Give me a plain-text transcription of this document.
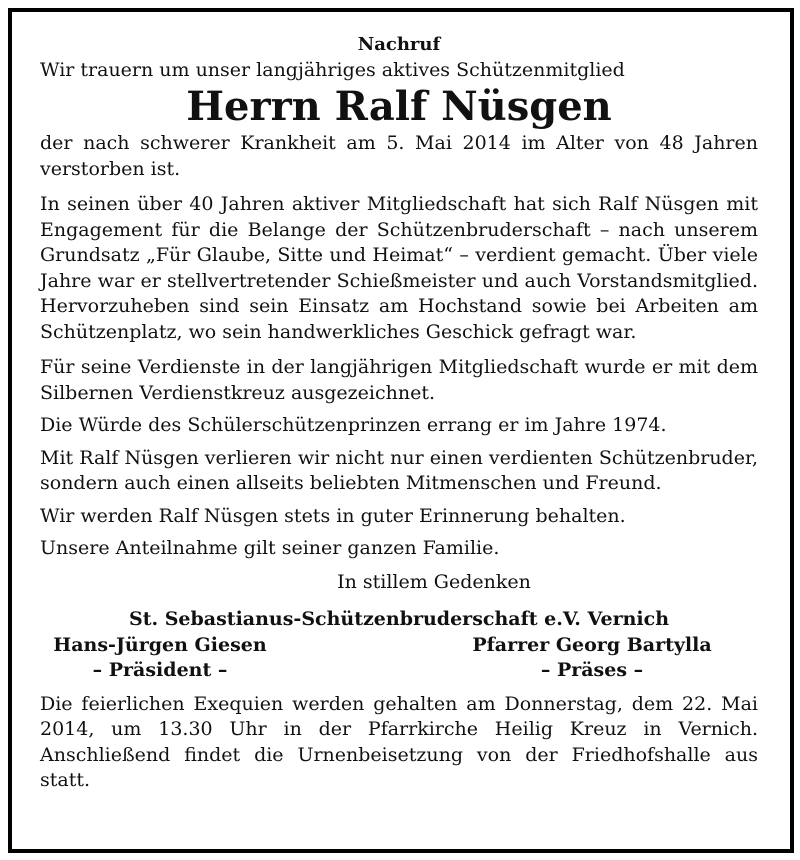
Nachruf

Wir trauern um unser langjähriges aktives Schützenmitglied

Herrn Ralf Nüsgen

der nach schwerer Krankheit am 5. Mai 2014 im Alter von 48 Jahren verstorben ist.

In seinen über 40 Jahren aktiver Mitgliedschaft hat sich Ralf Nüsgen mit Engagement für die Belange der Schützenbruderschaft – nach unserem Grundsatz „Für Glaube, Sitte und Heimat“ – verdient gemacht. Über viele Jahre war er stellvertretender Schießmeister und auch Vorstandsmitglied. Hervorzuheben sind sein Einsatz am Hochstand sowie bei Arbeiten am Schützenplatz, wo sein handwerkliches Geschick gefragt war.

Für seine Verdienste in der langjährigen Mitgliedschaft wurde er mit dem Silbernen Verdienstkreuz ausgezeichnet.

Die Würde des Schülerschützenprinzen errang er im Jahre 1974.

Mit Ralf Nüsgen verlieren wir nicht nur einen verdienten Schützenbruder, sondern auch einen allseits beliebten Mitmenschen und Freund.

Wir werden Ralf Nüsgen stets in guter Erinnerung behalten.

Unsere Anteilnahme gilt seiner ganzen Familie.

In stillem Gedenken

St. Sebastianus-Schützenbruderschaft e.V. Vernich

Hans-Jürgen Giesen
– Präsident –
Pfarrer Georg Bartylla
– Präses –

Die feierlichen Exequien werden gehalten am Donnerstag, dem 22. Mai 2014, um 13.30 Uhr in der Pfarrkirche Heilig Kreuz in Vernich. Anschließend findet die Urnenbeisetzung von der Friedhofshalle aus statt.
